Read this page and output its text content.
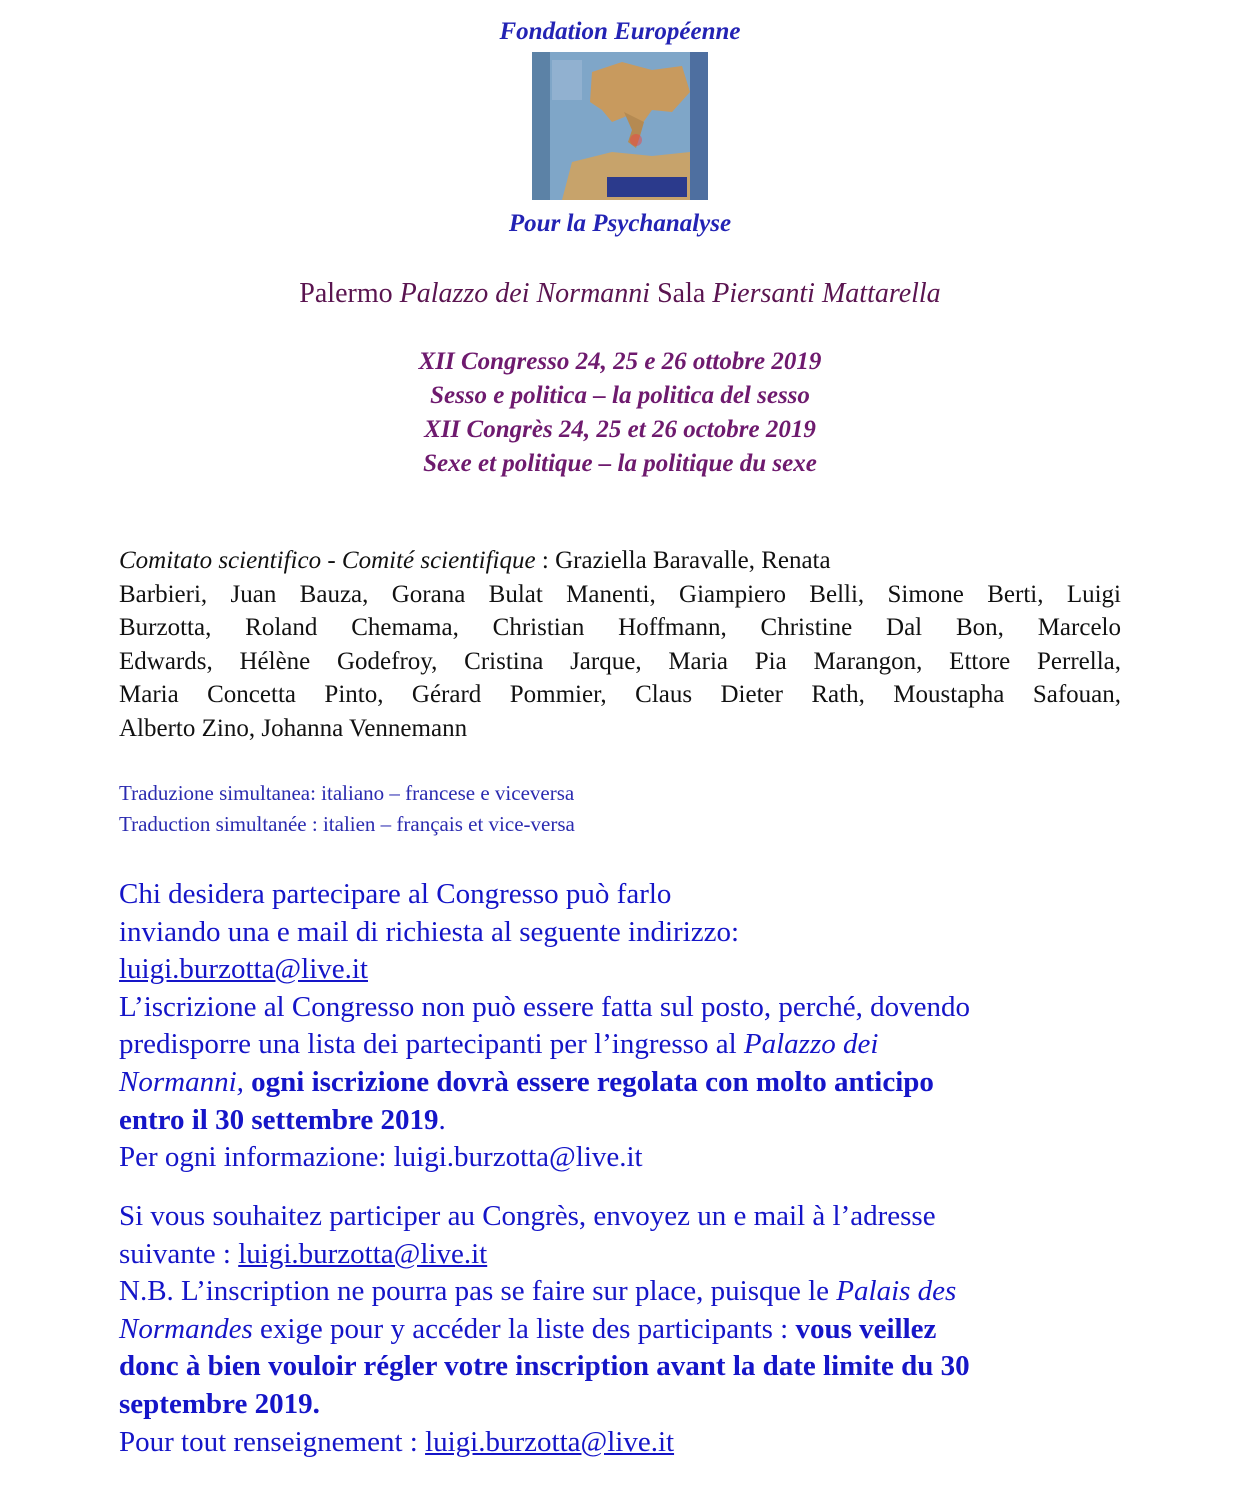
Fondation Européenne
Pour la Psychanalyse
Palermo Palazzo dei Normanni Sala Piersanti Mattarella
XII Congresso 24, 25 e 26 ottobre 2019
Sesso e politica – la politica del sesso
XII Congrès 24, 25 et 26 octobre 2019
Sexe et politique – la politique du sexe
Comitato scientifico - Comité scientifique : Graziella Baravalle, Renata
Barbieri, Juan Bauza, Gorana Bulat Manenti, Giampiero Belli, Simone Berti, Luigi
Burzotta, Roland Chemama, Christian Hoffmann, Christine Dal Bon, Marcelo
Edwards, Hélène Godefroy, Cristina Jarque, Maria Pia Marangon, Ettore Perrella,
Maria Concetta Pinto, Gérard Pommier, Claus Dieter Rath, Moustapha Safouan,
Alberto Zino, Johanna Vennemann
Traduzione simultanea: italiano – francese e viceversa
Traduction simultanée : italien – français et vice-versa
Chi desidera partecipare al Congresso può farlo
inviando una e mail di richiesta al seguente indirizzo:
luigi.burzotta@live.it
L’iscrizione al Congresso non può essere fatta sul posto, perché, dovendo
predisporre una lista dei partecipanti per l’ingresso al Palazzo dei
Normanni, ogni iscrizione dovrà essere regolata con molto anticipo
entro il 30 settembre 2019.
Per ogni informazione: luigi.burzotta@live.it
Si vous souhaitez participer au Congrès, envoyez un e mail à l’adresse
suivante : luigi.burzotta@live.it
N.B. L’inscription ne pourra pas se faire sur place, puisque le Palais des
Normandes exige pour y accéder la liste des participants : vous veillez
donc à bien vouloir régler votre inscription avant la date limite du 30
septembre 2019.
Pour tout renseignement : luigi.burzotta@live.it
